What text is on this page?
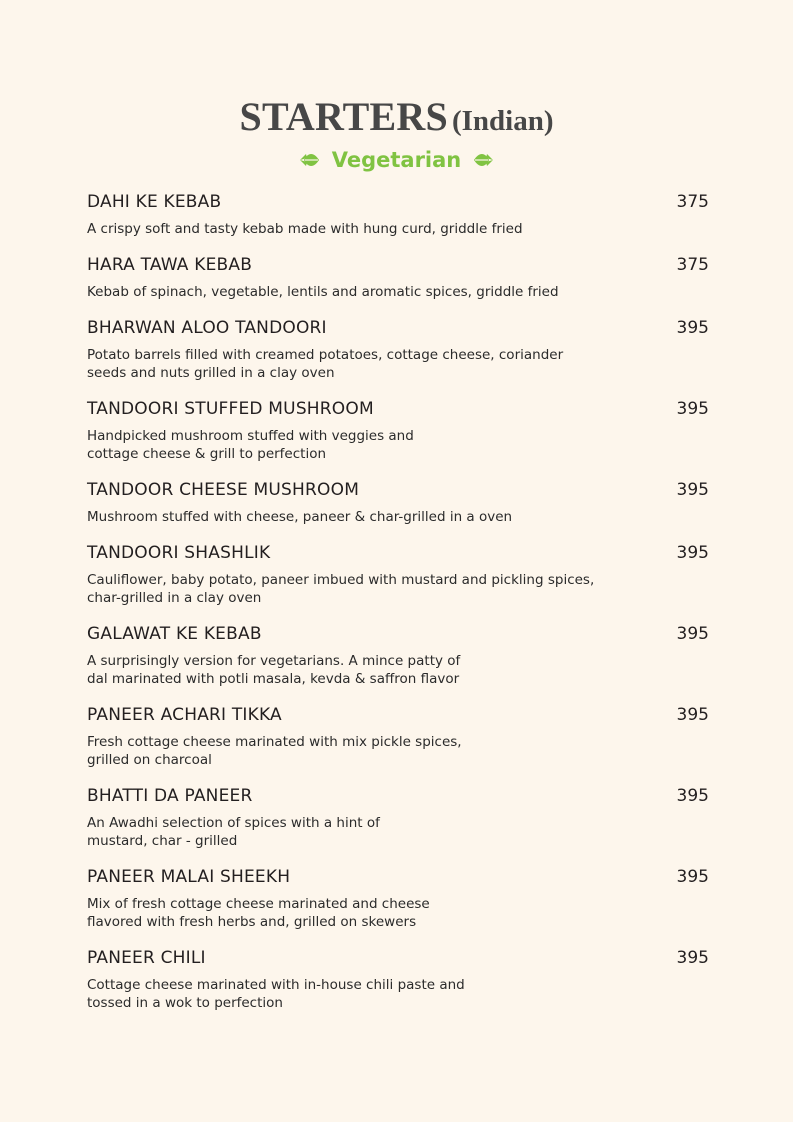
STARTERS (Indian)
Vegetarian
DAHI KE KEBAB	375
A crispy soft and tasty kebab made with hung curd, griddle fried
HARA TAWA KEBAB	375
Kebab of spinach, vegetable, lentils and aromatic spices, griddle fried
BHARWAN ALOO TANDOORI	395
Potato barrels filled with creamed potatoes, cottage cheese, coriander
seeds and nuts grilled in a clay oven
TANDOORI STUFFED MUSHROOM	395
Handpicked mushroom stuffed with veggies and
cottage cheese & grill to perfection
TANDOOR CHEESE MUSHROOM	395
Mushroom stuffed with cheese, paneer & char-grilled in a oven
TANDOORI SHASHLIK	395
Cauliflower, baby potato, paneer imbued with mustard and pickling spices,
char-grilled in a clay oven
GALAWAT KE KEBAB	395
A surprisingly version for vegetarians. A mince patty of
dal marinated with potli masala, kevda & saffron flavor
PANEER ACHARI TIKKA	395
Fresh cottage cheese marinated with mix pickle spices,
grilled on charcoal
BHATTI DA PANEER	395
An Awadhi selection of spices with a hint of
mustard, char - grilled
PANEER MALAI SHEEKH	395
Mix of fresh cottage cheese marinated and cheese
flavored with fresh herbs and, grilled on skewers
PANEER CHILI	395
Cottage cheese marinated with in-house chili paste and
tossed in a wok to perfection
